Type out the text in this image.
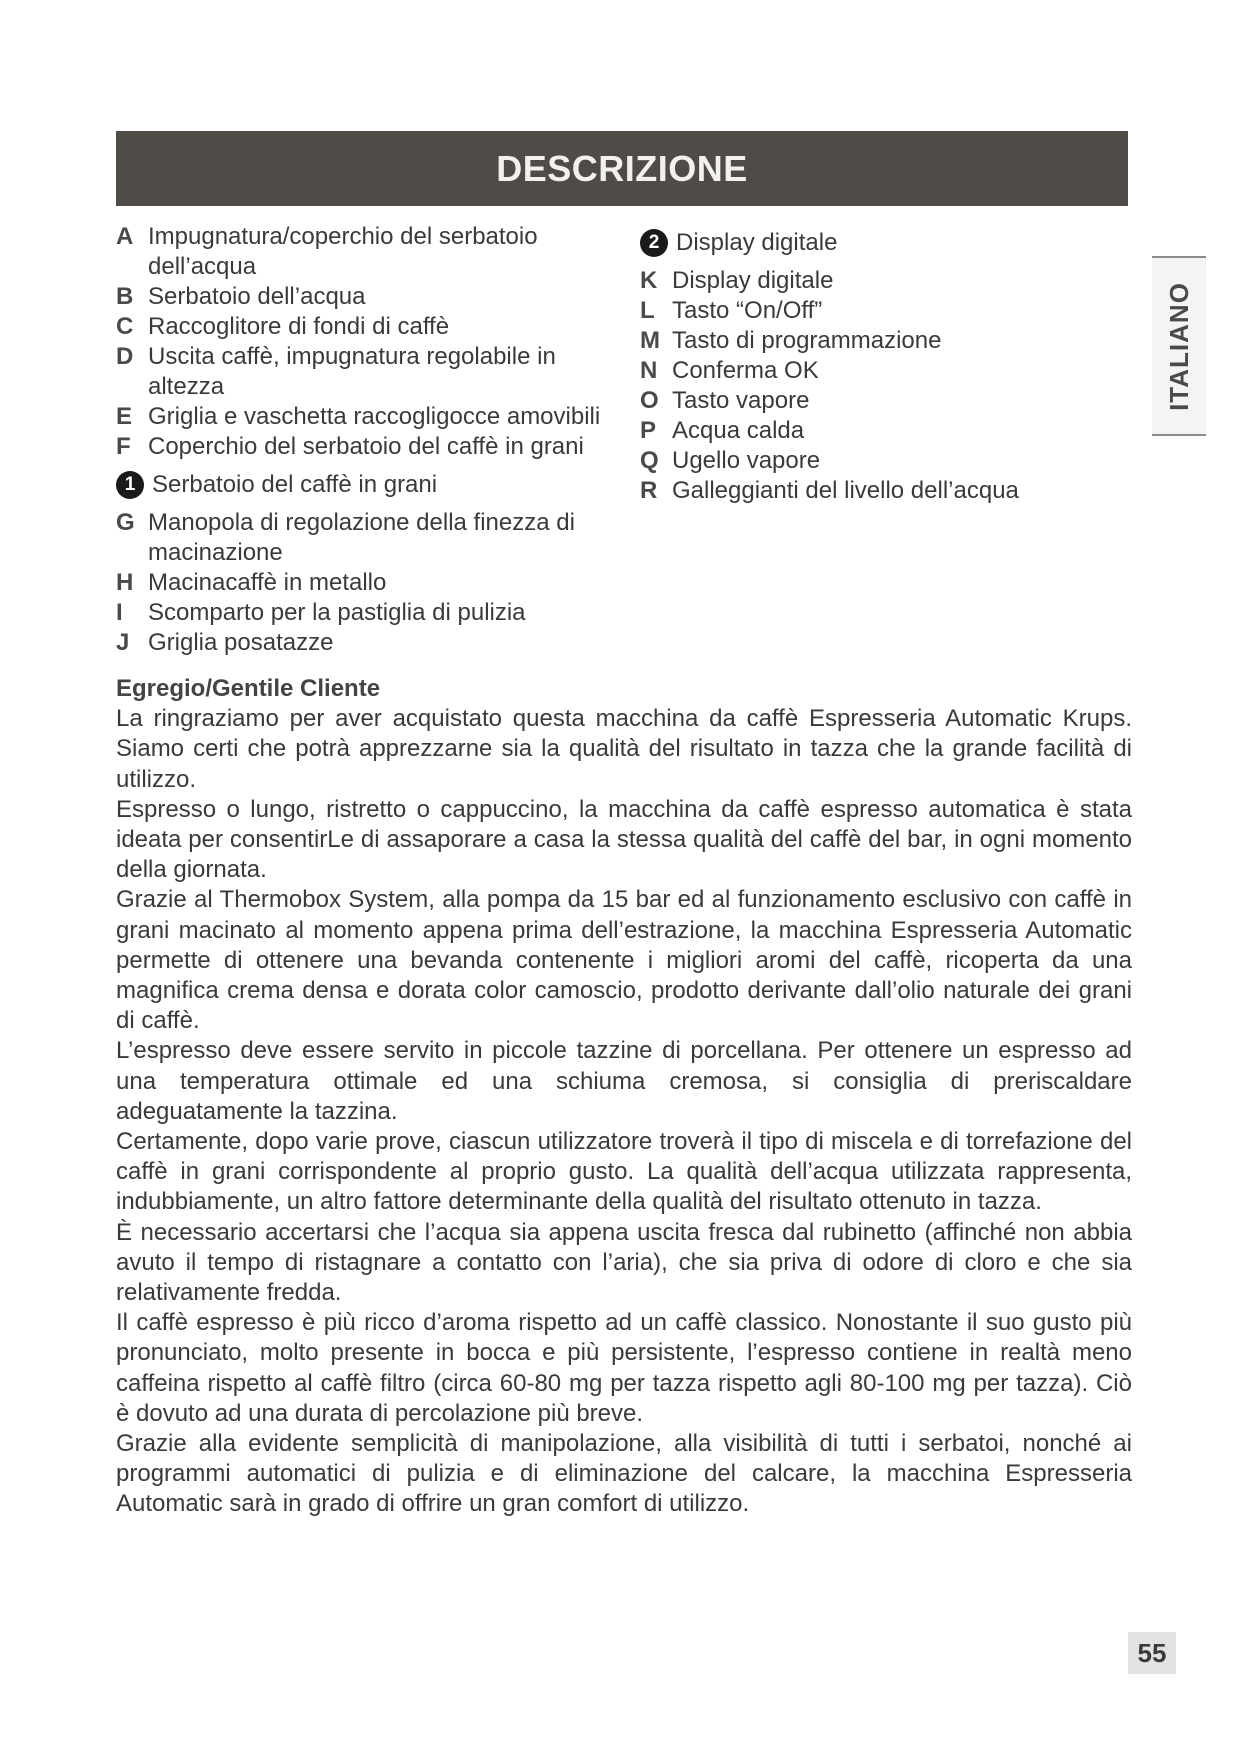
DESCRIZIONE
ITALIANO
A Impugnatura/coperchio del serbatoio dell’acqua
B Serbatoio dell’acqua
C Raccoglitore di fondi di caffè
D Uscita caffè, impugnatura regolabile in altezza
E Griglia e vaschetta raccogligocce amovibili
F Coperchio del serbatoio del caffè in grani
1 Serbatoio del caffè in grani
G Manopola di regolazione della finezza di macinazione
H Macinacaffè in metallo
I	Scomparto per la pastiglia di pulizia
J Griglia posatazze
2 Display digitale
K Display digitale
L Tasto “On/Off”
M Tasto di programmazione
N Conferma OK
O Tasto vapore
P Acqua calda
Q Ugello vapore
R Galleggianti del livello dell’acqua

Egregio/Gentile Cliente

La ringraziamo per aver acquistato questa macchina da caffè Espresseria Automatic Krups. Siamo certi che potrà apprezzarne sia la qualità del risultato in tazza che la grande facilità di utilizzo.

Espresso o lungo, ristretto o cappuccino, la macchina da caffè espresso automatica è stata ideata per consentirLe di assaporare a casa la stessa qualità del caffè del bar, in ogni momento della giornata.

Grazie al Thermobox System, alla pompa da 15 bar ed al funzionamento esclusivo con caffè in grani macinato al momento appena prima dell’estrazione, la macchina Espresseria Automatic permette di ottenere una bevanda contenente i migliori aromi del caffè, ricoperta da una magnifica crema densa e dorata color camoscio, prodotto derivante dall’olio naturale dei grani di caffè.

L’espresso deve essere servito in piccole tazzine di porcellana. Per ottenere un espresso ad una temperatura ottimale ed una schiuma cremosa, si consiglia di preriscaldare adeguatamente la tazzina.

Certamente, dopo varie prove, ciascun utilizzatore troverà il tipo di miscela e di torrefazione del caffè in grani corrispondente al proprio gusto. La qualità dell’acqua utilizzata rappresenta, indubbiamente, un altro fattore determinante della qualità del risultato ottenuto in tazza.

È necessario accertarsi che l’acqua sia appena uscita fresca dal rubinetto (affinché non abbia avuto il tempo di ristagnare a contatto con l’aria), che sia priva di odore di cloro e che sia relativamente fredda.

Il caffè espresso è più ricco d’aroma rispetto ad un caffè classico. Nonostante il suo gusto più pronunciato, molto presente in bocca e più persistente, l’espresso contiene in realtà meno caffeina rispetto al caffè filtro (circa 60-80 mg per tazza rispetto agli 80-100 mg per tazza). Ciò è dovuto ad una durata di percolazione più breve.

Grazie alla evidente semplicità di manipolazione, alla visibilità di tutti i serbatoi, nonché ai programmi automatici di pulizia e di eliminazione del calcare, la macchina Espresseria Automatic sarà in grado di offrire un gran comfort di utilizzo.

55
